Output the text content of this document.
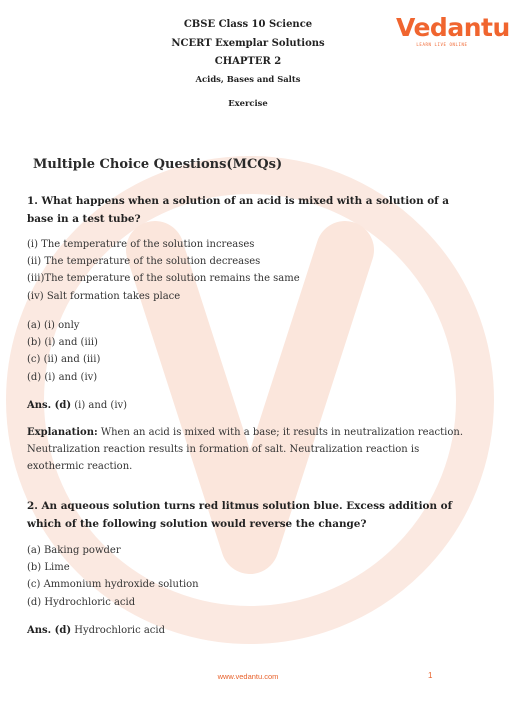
Vedantu
LEARN LIVE ONLINE
CBSE Class 10 Science
NCERT Exemplar Solutions
CHAPTER 2
Acids, Bases and Salts
Exercise
Multiple Choice Questions(MCQs)
1. What happens when a solution of an acid is mixed with a solution of a base in a test tube?
(i) The temperature of the solution increases
(ii) The temperature of the solution decreases
(iii)The temperature of the solution remains the same
(iv) Salt formation takes place
(a) (i) only
(b) (i) and (iii)
(c) (ii) and (iii)
(d) (i) and (iv)
Ans. (d) (i) and (iv)
Explanation: When an acid is mixed with a base; it results in neutralization reaction. Neutralization reaction results in formation of salt. Neutralization reaction is exothermic reaction.
2. An aqueous solution turns red litmus solution blue. Excess addition of which of the following solution would reverse the change?
(a) Baking powder
(b) Lime
(c) Ammonium hydroxide solution
(d) Hydrochloric acid
Ans. (d) Hydrochloric acid
www.vedantu.com	1
